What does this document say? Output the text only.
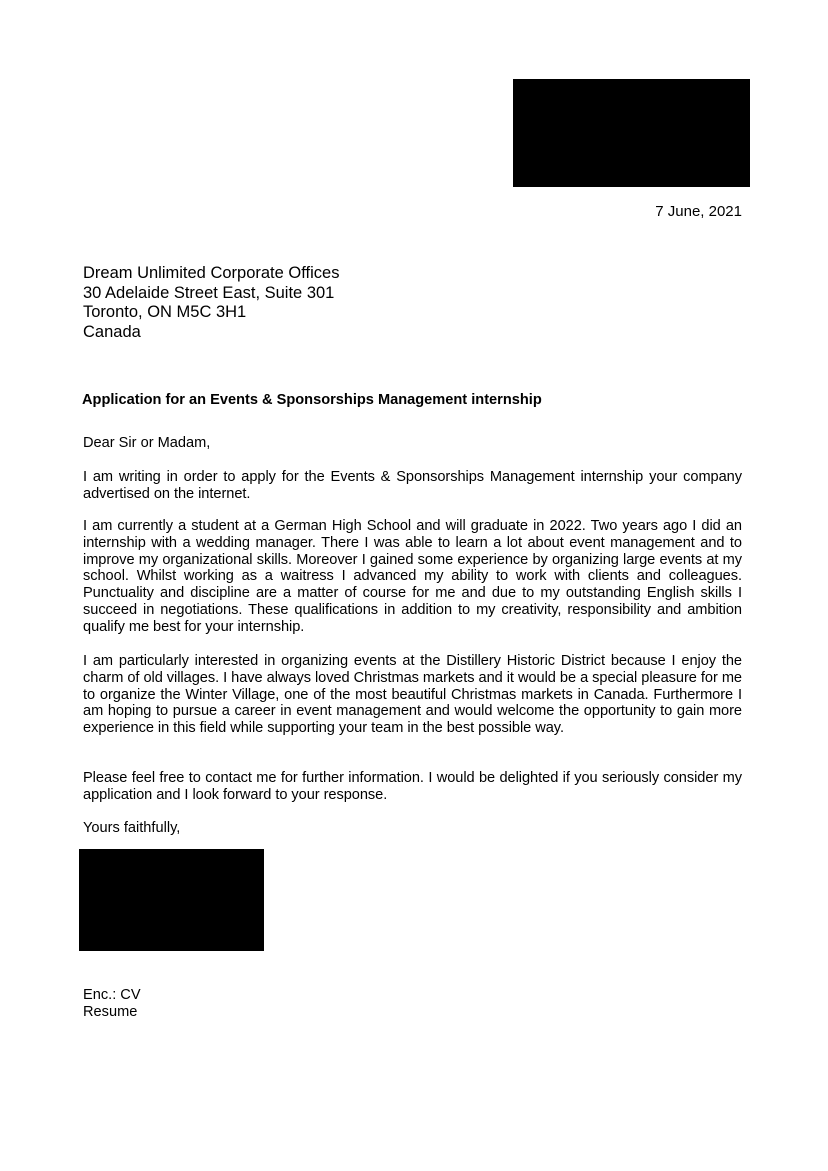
7 June, 2021
Dream Unlimited Corporate Offices
30 Adelaide Street East, Suite 301
Toronto, ON M5C 3H1
Canada
Application for an Events & Sponsorships Management internship
Dear Sir or Madam,
I am writing in order to apply for the Events & Sponsorships Management internship your company advertised on the internet.
I am currently a student at a German High School and will graduate in 2022. Two years ago I did an internship with a wedding manager. There I was able to learn a lot about event management and to improve my organizational skills. Moreover I gained some experience by organizing large events at my school. Whilst working as a waitress I advanced my ability to work with clients and colleagues. Punctuality and discipline are a matter of course for me and due to my outstanding English skills I succeed in negotiations. These qualifications in addition to my creativity, responsibility and ambition qualify me best for your internship.
I am particularly interested in organizing events at the Distillery Historic District because I enjoy the charm of old villages. I have always loved Christmas markets and it would be a special pleasure for me to organize the Winter Village, one of the most beautiful Christmas markets in Canada. Furthermore I am hoping to pursue a career in event management and would welcome the opportunity to gain more experience in this field while supporting your team in the best possible way.
Please feel free to contact me for further information. I would be delighted if you seriously consider my application and I look forward to your response.
Yours faithfully,
Enc.: CV
Resume
